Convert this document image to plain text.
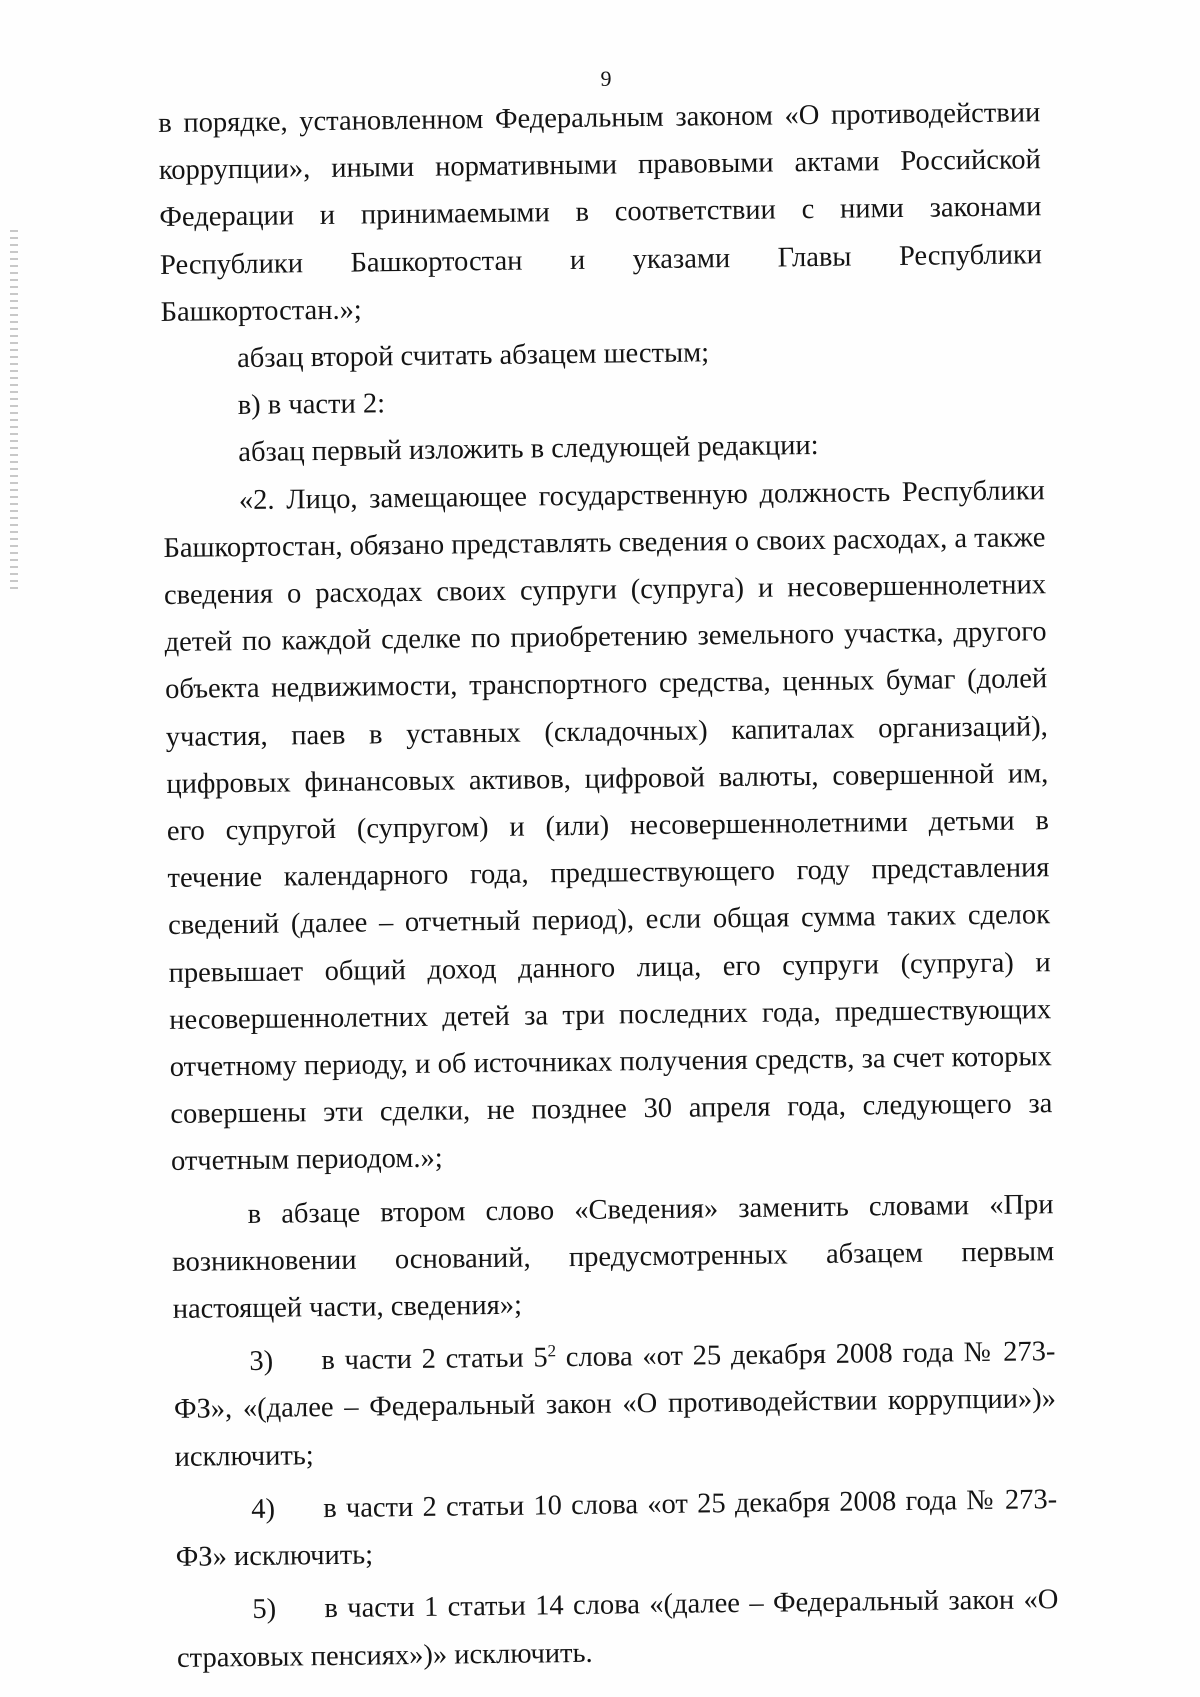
9

в порядке, установленном Федеральным законом «О противодействии коррупции», иными нормативными правовыми актами Российской Федерации и принимаемыми в соответствии с ними законами Республики Башкортостан и указами Главы Республики Башкортостан.»;

абзац второй считать абзацем шестым;

в) в части 2:

абзац первый изложить в следующей редакции:

«2. Лицо, замещающее государственную должность Республики Башкортостан, обязано представлять сведения о своих расходах, а также сведения о расходах своих супруги (супруга) и несовершеннолетних детей по каждой сделке по приобретению земельного участка, другого объекта недвижимости, транспортного средства, ценных бумаг (долей участия, паев в уставных (складочных) капиталах организаций), цифровых финансовых активов, цифровой валюты, совершенной им, его супругой (супругом) и (или) несовершеннолетними детьми в течение календарного года, предшествующего году представления сведений (далее – отчетный период), если общая сумма таких сделок превышает общий доход данного лица, его супруги (супруга) и несовершеннолетних детей за три последних года, предшествующих отчетному периоду, и об источниках получения средств, за счет которых совершены эти сделки, не позднее 30 апреля года, следующего за отчетным периодом.»;

в абзаце втором слово «Сведения» заменить словами «При возникновении оснований, предусмотренных абзацем первым настоящей части, сведения»;

3) в части 2 статьи $5^2$ слова «от 25 декабря 2008 года № 273-ФЗ», «(далее – Федеральный закон «О противодействии коррупции»)» исключить;

4) в части 2 статьи 10 слова «от 25 декабря 2008 года № 273-ФЗ» исключить;

5) в части 1 статьи 14 слова «(далее – Федеральный закон «О страховых пенсиях»)» исключить.
